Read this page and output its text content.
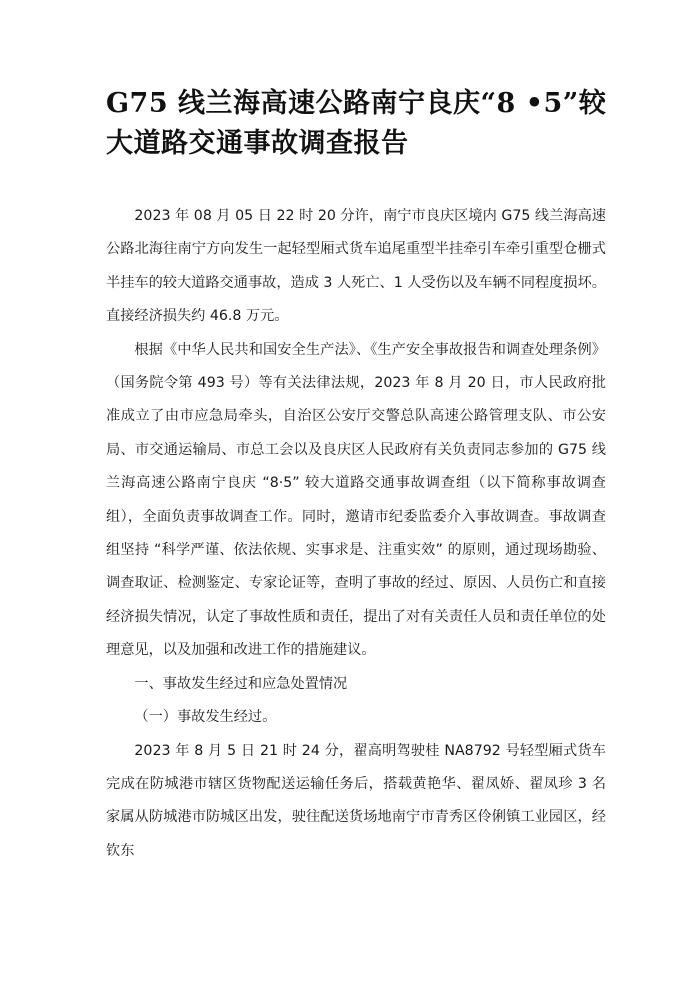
G75 线兰海高速公路南宁良庆“8 •5”较大道路交通事故调查报告

2023 年 08 月 05 日 22 时 20 分许，南宁市良庆区境内 G75 线兰海高速公路北海往南宁方向发生一起轻型厢式货车追尾重型半挂牵引车牵引重型仓栅式半挂车的较大道路交通事故，造成 3 人死亡、1 人受伤以及车辆不同程度损坏。直接经济损失约 46.8 万元。

根据《中华人民共和国安全生产法》、《生产安全事故报告和调查处理条例》（国务院令第 493 号）等有关法律法规，2023 年 8 月 20 日，市人民政府批准成立了由市应急局牵头，自治区公安厅交警总队高速公路管理支队、市公安局、市交通运输局、市总工会以及良庆区人民政府有关负责同志参加的 G75 线兰海高速公路南宁良庆 “8·5” 较大道路交通事故调查组（以下简称事故调查组），全面负责事故调查工作。同时，邀请市纪委监委介入事故调查。事故调查组坚持 “科学严谨、依法依规、实事求是、注重实效” 的原则，通过现场勘验、调查取证、检测鉴定、专家论证等，查明了事故的经过、原因、人员伤亡和直接经济损失情况，认定了事故性质和责任，提出了对有关责任人员和责任单位的处理意见，以及加强和改进工作的措施建议。

一、事故发生经过和应急处置情况

（一）事故发生经过。

2023 年 8 月 5 日 21 时 24 分，翟高明驾驶桂 NA8792 号轻型厢式货车完成在防城港市辖区货物配送运输任务后，搭载黄艳华、翟凤娇、翟凤珍 3 名家属从防城港市防城区出发，驶往配送货场地南宁市青秀区伶俐镇工业园区，经钦东
